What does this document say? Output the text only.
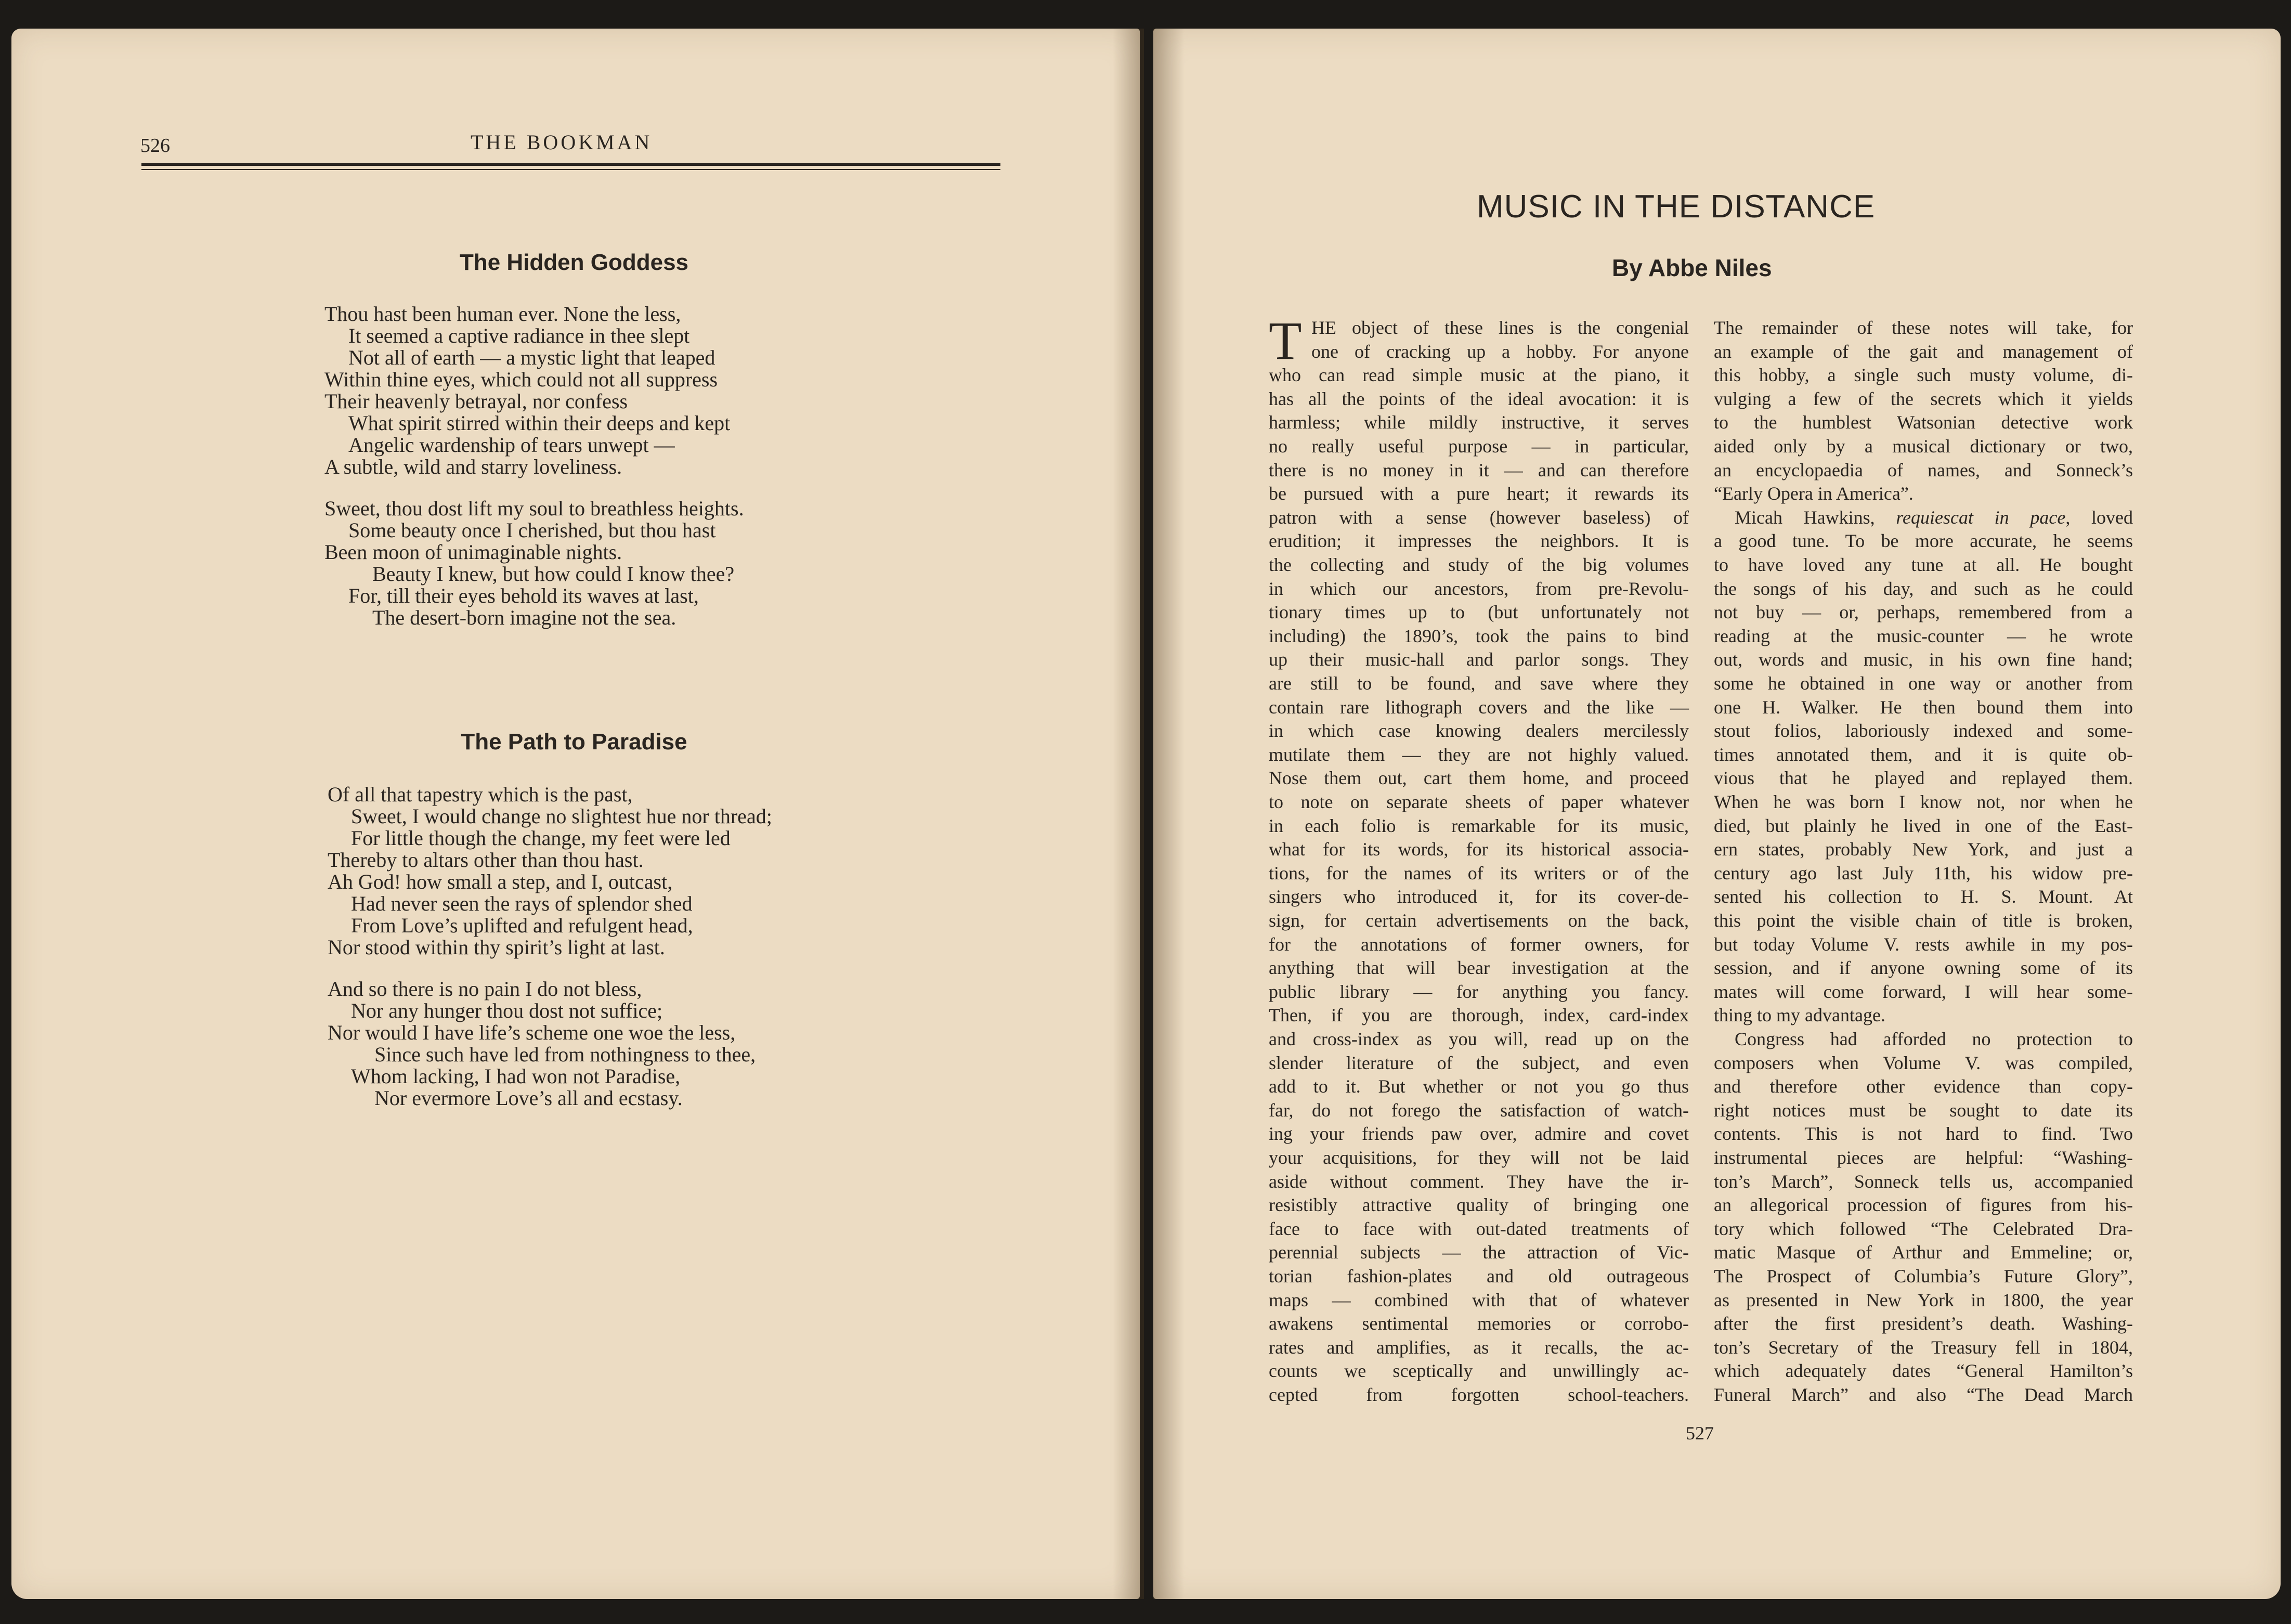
526	THE BOOKMAN
The Hidden Goddess
Thou hast been human ever. None the less,
It seemed a captive radiance in thee slept
Not all of earth — a mystic light that leaped
Within thine eyes, which could not all suppress
Their heavenly betrayal, nor confess
What spirit stirred within their deeps and kept
Angelic wardenship of tears unwept —
A subtle, wild and starry loveliness.
Sweet, thou dost lift my soul to breathless heights.
Some beauty once I cherished, but thou hast
Been moon of unimaginable nights.
Beauty I knew, but how could I know thee?
For, till their eyes behold its waves at last,
The desert-born imagine not the sea.
The Path to Paradise
Of all that tapestry which is the past,
Sweet, I would change no slightest hue nor thread;
For little though the change, my feet were led
Thereby to altars other than thou hast.
Ah God! how small a step, and I, outcast,
Had never seen the rays of splendor shed
From Love’s uplifted and refulgent head,
Nor stood within thy spirit’s light at last.
And so there is no pain I do not bless,
Nor any hunger thou dost not suffice;
Nor would I have life’s scheme one woe the less,
Since such have led from nothingness to thee,
Whom lacking, I had won not Paradise,
Nor evermore Love’s all and ecstasy.
MUSIC IN THE DISTANCE
By Abbe Niles
T HE object of these lines is the congenial
one of cracking up a hobby. For anyone
who can read simple music at the piano, it
has all the points of the ideal avocation: it is
harmless; while mildly instructive, it serves
no really useful purpose — in particular,
there is no money in it — and can therefore
be pursued with a pure heart; it rewards its
patron with a sense (however baseless) of
erudition; it impresses the neighbors. It is
the collecting and study of the big volumes
in which our ancestors, from pre-Revolu-
tionary times up to (but unfortunately not
including) the 1890’s, took the pains to bind
up their music-hall and parlor songs. They
are still to be found, and save where they
contain rare lithograph covers and the like —
in which case knowing dealers mercilessly
mutilate them — they are not highly valued.
Nose them out, cart them home, and proceed
to note on separate sheets of paper whatever
in each folio is remarkable for its music,
what for its words, for its historical associa-
tions, for the names of its writers or of the
singers who introduced it, for its cover-de-
sign, for certain advertisements on the back,
for the annotations of former owners, for
anything that will bear investigation at the
public library — for anything you fancy.
Then, if you are thorough, index, card-index
and cross-index as you will, read up on the
slender literature of the subject, and even
add to it. But whether or not you go thus
far, do not forego the satisfaction of watch-
ing your friends paw over, admire and covet
your acquisitions, for they will not be laid
aside without comment. They have the ir-
resistibly attractive quality of bringing one
face to face with out-dated treatments of
perennial subjects — the attraction of Vic-
torian fashion-plates and old outrageous
maps — combined with that of whatever
awakens sentimental memories or corrobo-
rates and amplifies, as it recalls, the ac-
counts we sceptically and unwillingly ac-
cepted from forgotten school-teachers.
The remainder of these notes will take, for
an example of the gait and management of
this hobby, a single such musty volume, di-
vulging a few of the secrets which it yields
to the humblest Watsonian detective work
aided only by a musical dictionary or two,
an encyclopaedia of names, and Sonneck’s
“Early Opera in America”.
Micah Hawkins, requiescat in pace, loved
a good tune. To be more accurate, he seems
to have loved any tune at all. He bought
the songs of his day, and such as he could
not buy — or, perhaps, remembered from a
reading at the music-counter — he wrote
out, words and music, in his own fine hand;
some he obtained in one way or another from
one H. Walker. He then bound them into
stout folios, laboriously indexed and some-
times annotated them, and it is quite ob-
vious that he played and replayed them.
When he was born I know not, nor when he
died, but plainly he lived in one of the East-
ern states, probably New York, and just a
century ago last July 11th, his widow pre-
sented his collection to H. S. Mount. At
this point the visible chain of title is broken,
but today Volume V. rests awhile in my pos-
session, and if anyone owning some of its
mates will come forward, I will hear some-
thing to my advantage.
Congress had afforded no protection to
composers when Volume V. was compiled,
and therefore other evidence than copy-
right notices must be sought to date its
contents. This is not hard to find. Two
instrumental pieces are helpful: “Washing-
ton’s March”, Sonneck tells us, accompanied
an allegorical procession of figures from his-
tory which followed “The Celebrated Dra-
matic Masque of Arthur and Emmeline; or,
The Prospect of Columbia’s Future Glory”,
as presented in New York in 1800, the year
after the first president’s death. Washing-
ton’s Secretary of the Treasury fell in 1804,
which adequately dates “General Hamilton’s
Funeral March” and also “The Dead March
527
